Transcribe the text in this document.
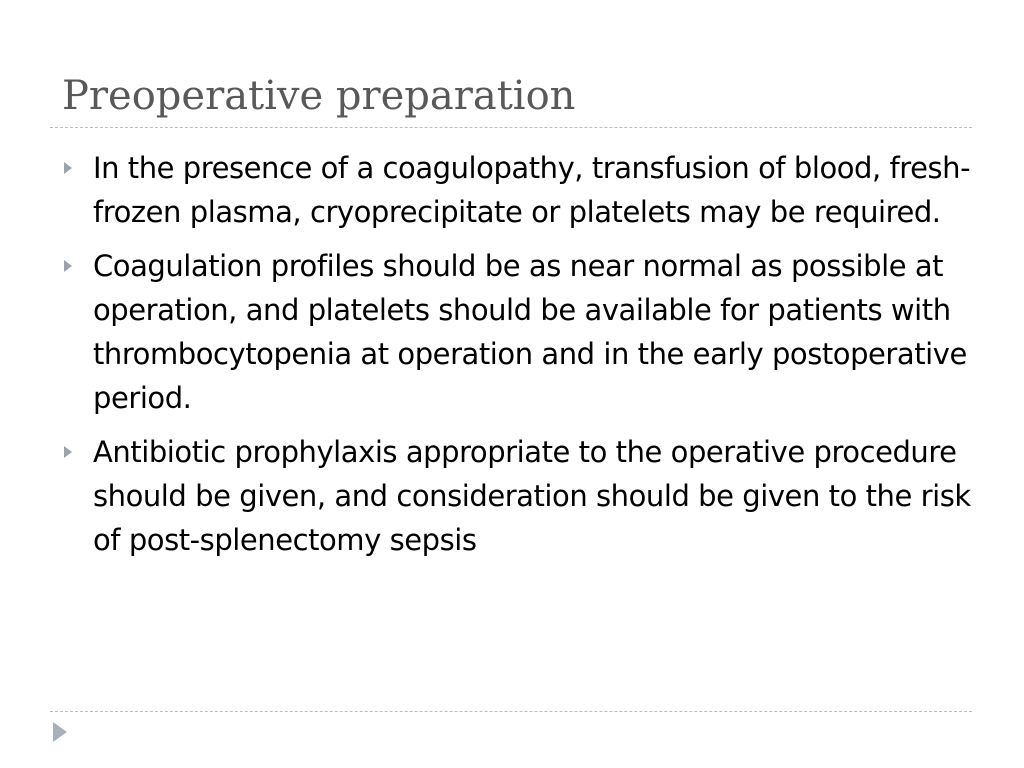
Preoperative preparation
In the presence of a coagulopathy, transfusion of blood, fresh-frozen plasma, cryoprecipitate or platelets may be required.
Coagulation profiles should be as near normal as possible at operation, and platelets should be available for patients with thrombocytopenia at operation and in the early postoperative period.
Antibiotic prophylaxis appropriate to the operative procedure should be given, and consideration should be given to the risk of post-splenectomy sepsis
